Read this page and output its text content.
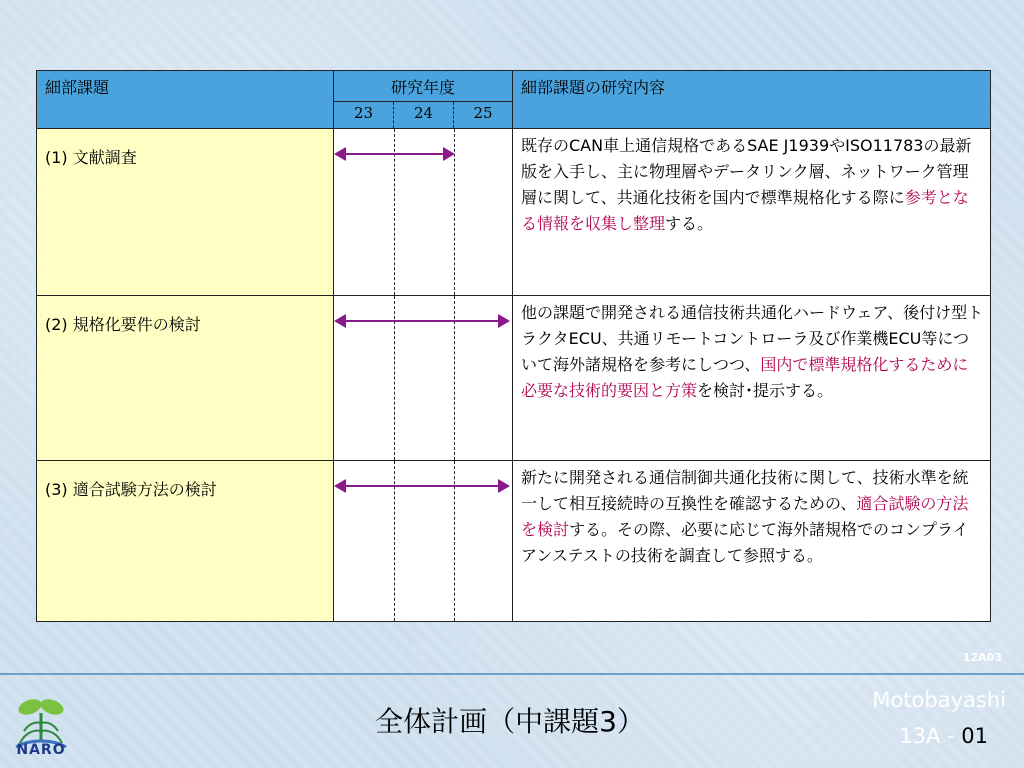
細部課題	研究年度			細部課題の研究内容
	23	24	25	
(1) 文献調査				既存のCAN車上通信規格であるSAE J1939やISO11783の最新版を入手し、主に物理層やデータリンク層、ネットワーク管理層に関して、共通化技術を国内で標準規格化する際に参考となる情報を収集し整理する。
(2) 規格化要件の検討				他の課題で開発される通信技術共通化ハードウェア、後付け型トラクタECU、共通リモートコントローラ及び作業機ECU等について海外諸規格を参考にしつつ、国内で標準規格化するために必要な技術的要因と方策を検討･提示する。
(3) 適合試験方法の検討				新たに開発される通信制御共通化技術に関して、技術水準を統一して相互接続時の互換性を確認するための、適合試験の方法を検討する。その際、必要に応じて海外諸規格でのコンプライアンステストの技術を調査して参照する。
12A03
NARO
全体計画（中課題3）
Motobayashi
13A - 01
